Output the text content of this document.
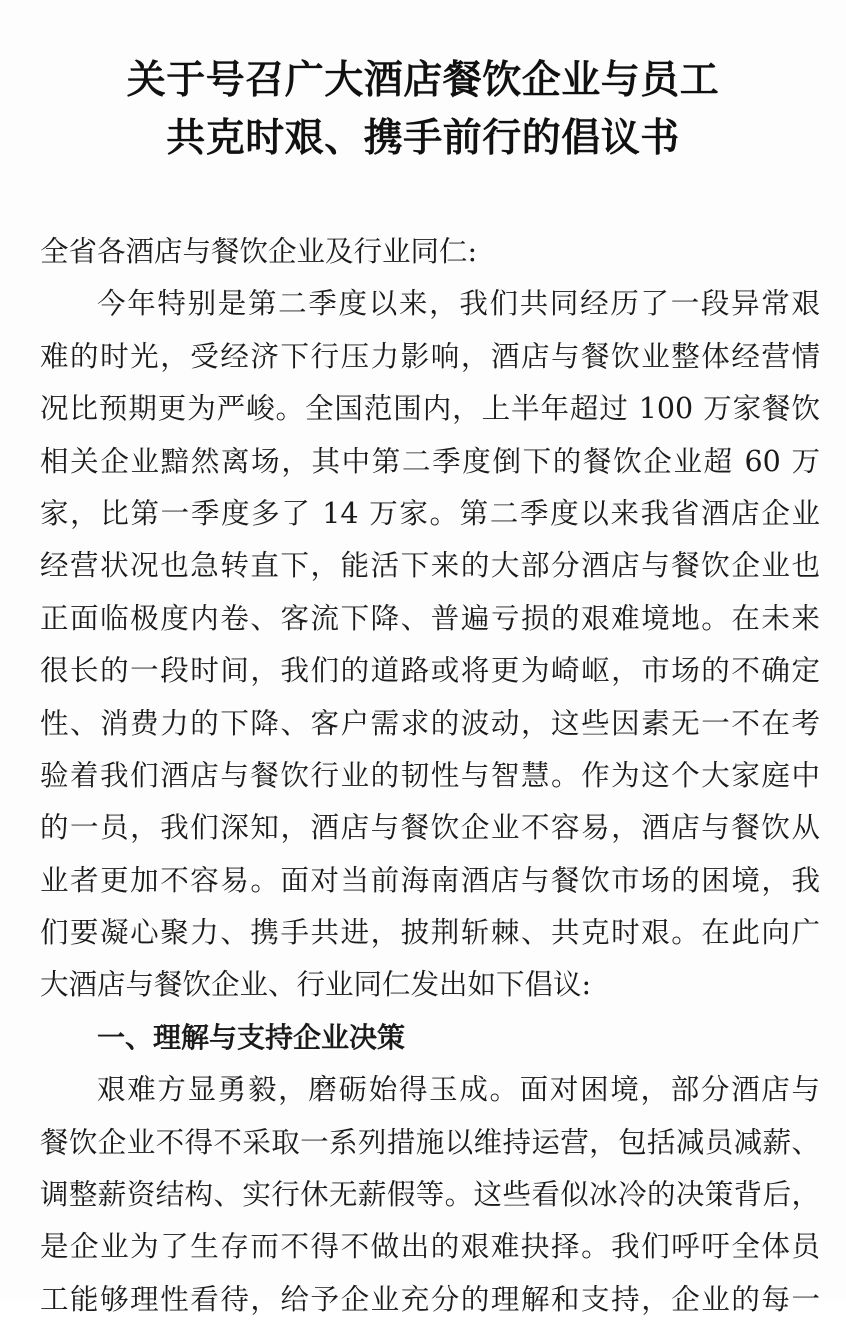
关于号召广大酒店餐饮企业与员工
共克时艰、携手前行的倡议书
全省各酒店与餐饮企业及行业同仁:
今年特别是第二季度以来，我们共同经历了一段异常艰
难的时光，受经济下行压力影响，酒店与餐饮业整体经营情
况比预期更为严峻。全国范围内，上半年超过 100 万家餐饮
相关企业黯然离场，其中第二季度倒下的餐饮企业超 60 万
家，比第一季度多了 14 万家。第二季度以来我省酒店企业
经营状况也急转直下，能活下来的大部分酒店与餐饮企业也
正面临极度内卷、客流下降、普遍亏损的艰难境地。在未来
很长的一段时间，我们的道路或将更为崎岖，市场的不确定
性、消费力的下降、客户需求的波动，这些因素无一不在考
验着我们酒店与餐饮行业的韧性与智慧。作为这个大家庭中
的一员，我们深知，酒店与餐饮企业不容易，酒店与餐饮从
业者更加不容易。面对当前海南酒店与餐饮市场的困境，我
们要凝心聚力、携手共进，披荆斩棘、共克时艰。在此向广
大酒店与餐饮企业、行业同仁发出如下倡议:
一、理解与支持企业决策
艰难方显勇毅，磨砺始得玉成。面对困境，部分酒店与
餐饮企业不得不采取一系列措施以维持运营，包括减员减薪、
调整薪资结构、实行休无薪假等。这些看似冰冷的决策背后，
是企业为了生存而不得不做出的艰难抉择。我们呼吁全体员
工能够理性看待，给予企业充分的理解和支持，企业的每一
